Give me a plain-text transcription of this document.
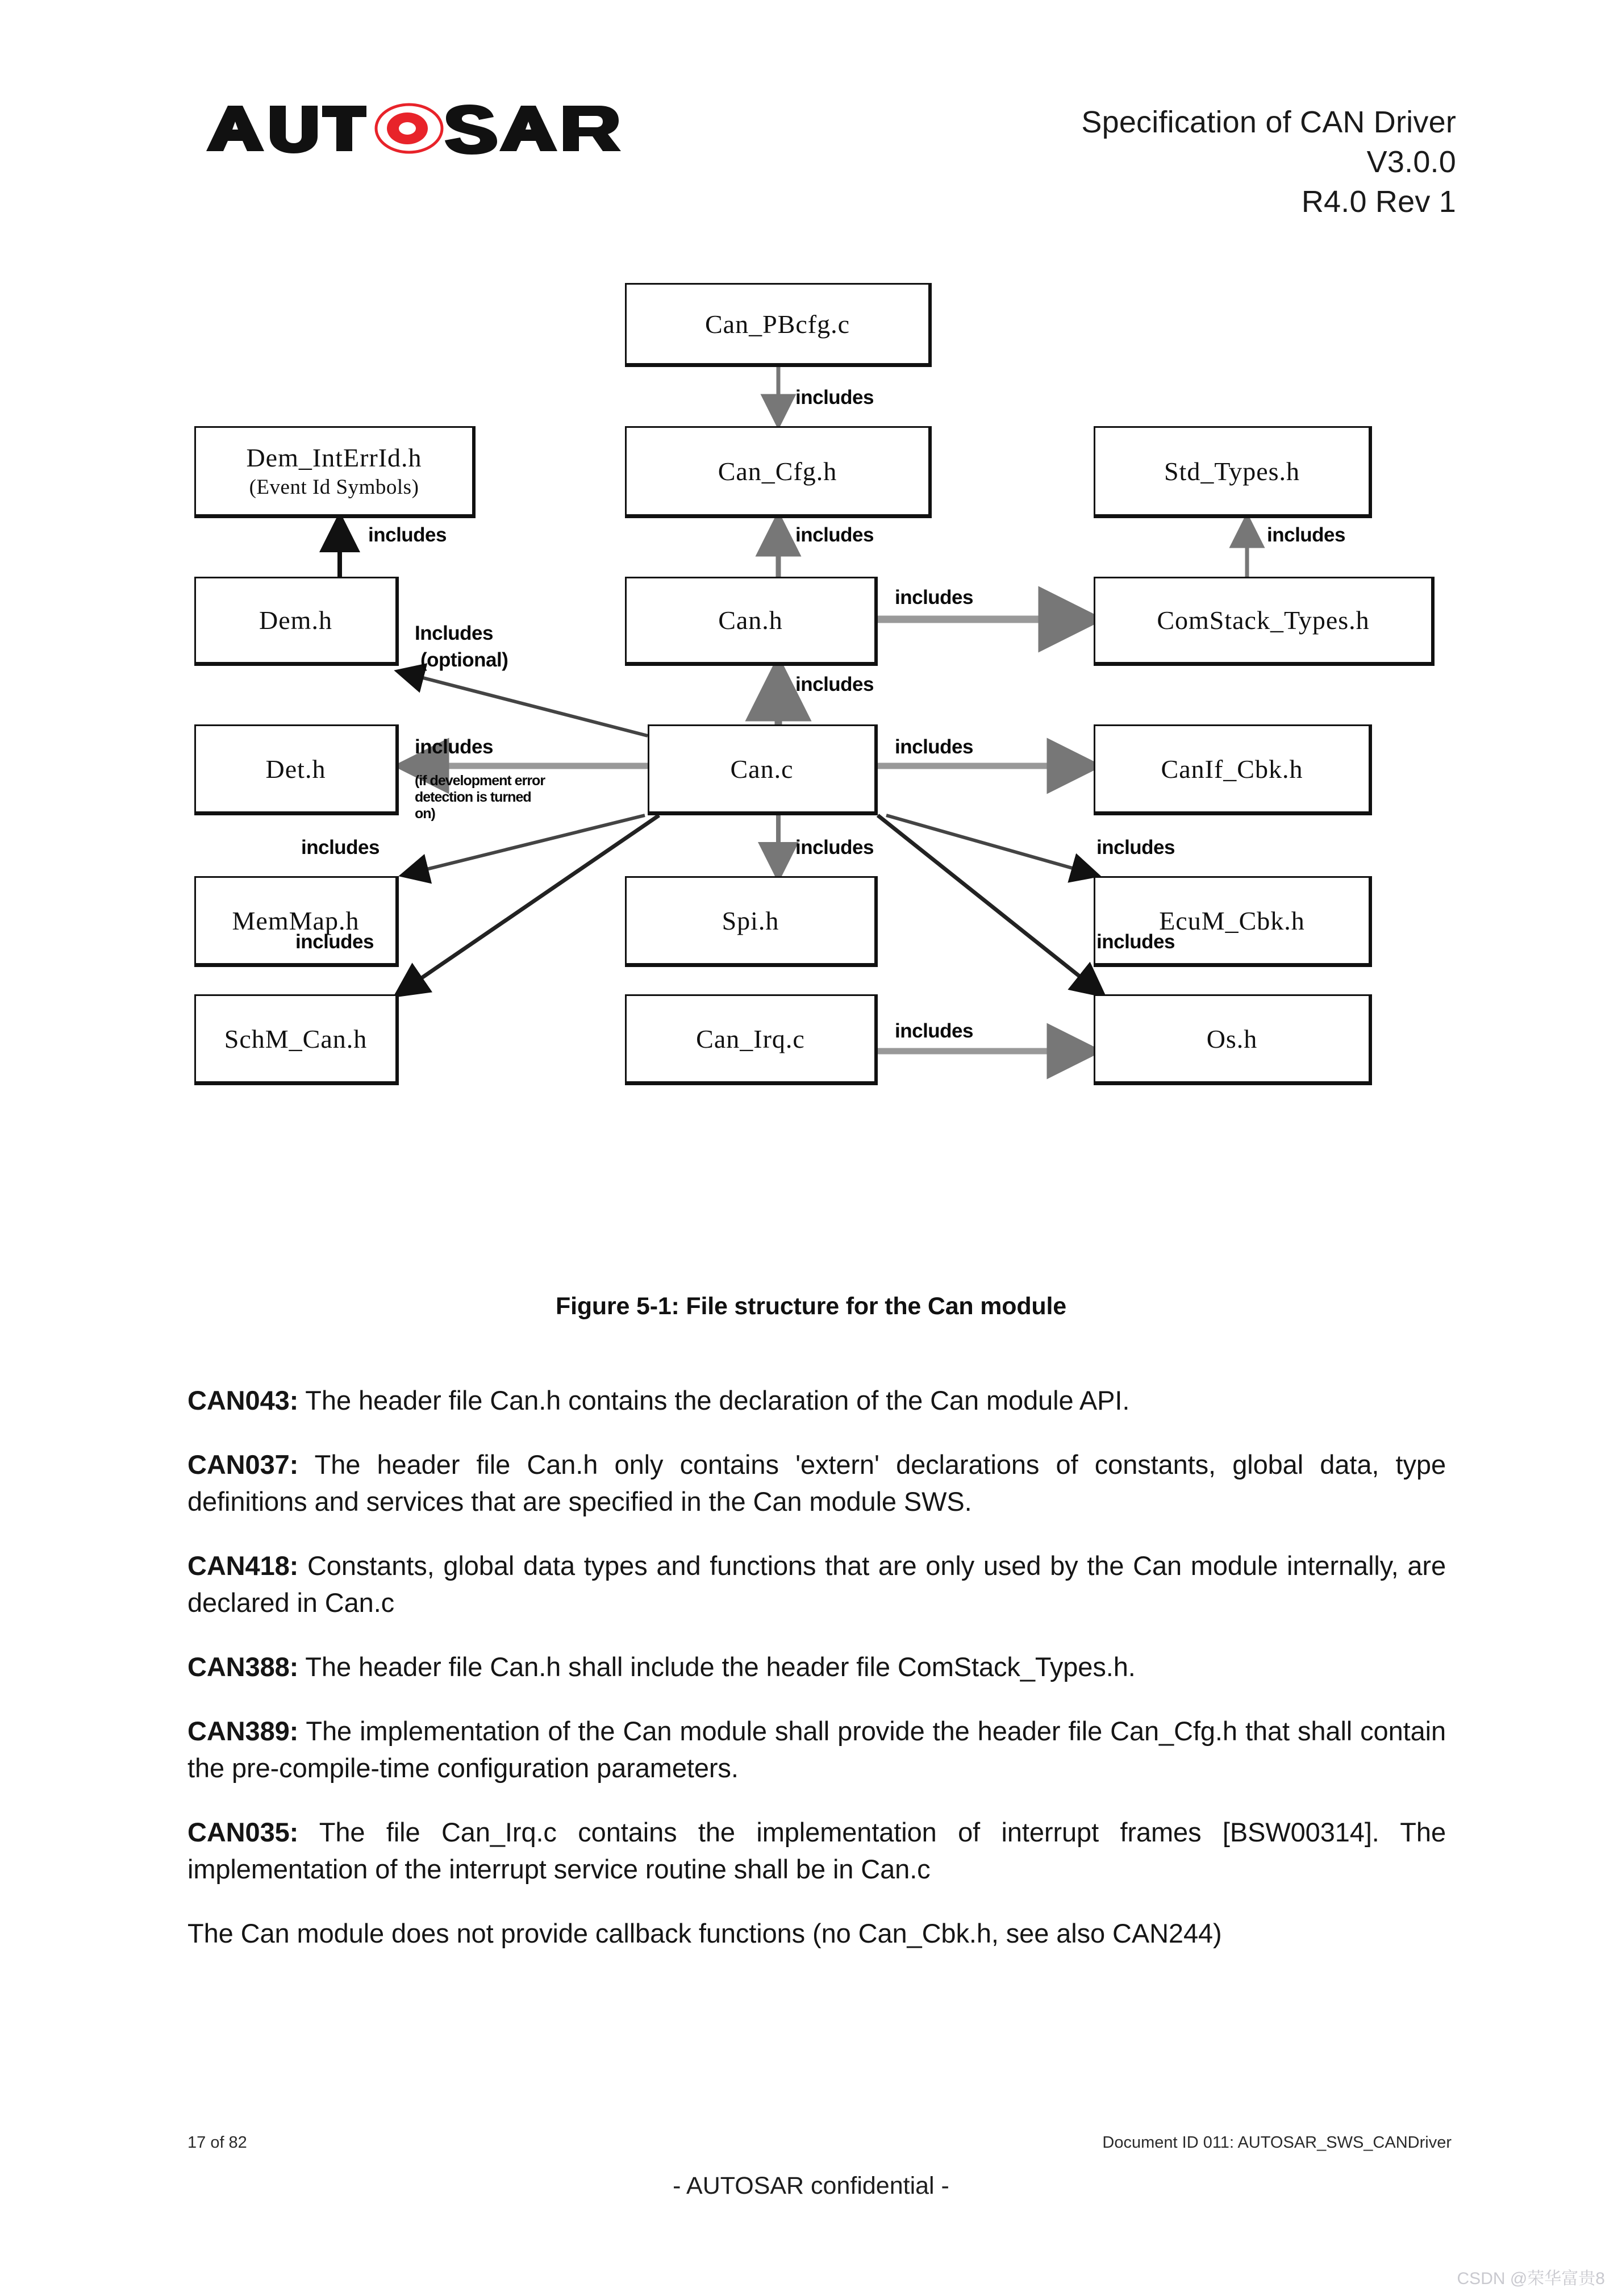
Specification of CAN Driver
V3.0.0
R4.0 Rev 1
Can_PBcfg.c
includes
Dem_IntErrId.h
(Event Id Symbols)
Can_Cfg.h	Std_Types.h
includes	includes	includes
Dem.h	Can.h	ComStack_Types.h
includes
Includes
(optional)
includes
Det.h	Can.c	CanIf_Cbk.h
includes
(if development error detection is turned on)
includes
includes	includes	includes
MemMap.h	Spi.h	EcuM_Cbk.h
includes	includes
SchM_Can.h	Can_Irq.c	Os.h
includes
Figure 5-1: File structure for the Can module

CAN043: The header file Can.h contains the declaration of the Can module API.

CAN037: The header file Can.h only contains 'extern' declarations of constants, global data, type definitions and services that are specified in the Can module SWS.

CAN418: Constants, global data types and functions that are only used by the Can module internally, are declared in Can.c

CAN388: The header file Can.h shall include the header file ComStack_Types.h.

CAN389: The implementation of the Can module shall provide the header file Can_Cfg.h that shall contain the pre-compile-time configuration parameters.

CAN035: The file Can_Irq.c contains the implementation of interrupt frames [BSW00314]. The implementation of the interrupt service routine shall be in Can.c

The Can module does not provide callback functions (no Can_Cbk.h, see also CAN244)

17 of 82	Document ID 011: AUTOSAR_SWS_CANDriver
- AUTOSAR confidential -
CSDN @荣华富贵8
